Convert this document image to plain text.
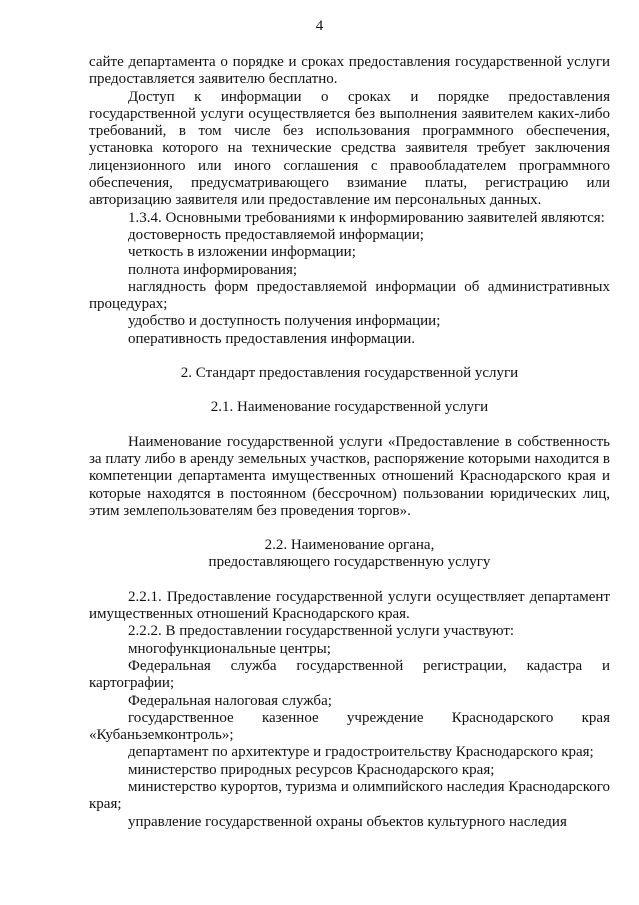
4

сайте департамента о порядке и сроках предоставления государственной услуги предоставляется заявителю бесплатно.

Доступ к информации о сроках и порядке предоставления государственной услуги осуществляется без выполнения заявителем каких-либо требований, в том числе без использования программного обеспечения, установка которого на технические средства заявителя требует заключения лицензионного или иного соглашения с правообладателем программного обеспечения, предусматривающего взимание платы, регистрацию или авторизацию заявителя или предоставление им персональных данных.

1.3.4. Основными требованиями к информированию заявителей являются:

достоверность предоставляемой информации;

четкость в изложении информации;

полнота информирования;

наглядность форм предоставляемой информации об административных процедурах;

удобство и доступность получения информации;

оперативность предоставления информации.

2. Стандарт предоставления государственной услуги

2.1. Наименование государственной услуги

Наименование государственной услуги «Предоставление в собственность за плату либо в аренду земельных участков, распоряжение которыми находится в компетенции департамента имущественных отношений Краснодарского края и которые находятся в постоянном (бессрочном) пользовании юридических лиц, этим землепользователям без проведения торгов».

2.2. Наименование органа,

предоставляющего государственную услугу

2.2.1. Предоставление государственной услуги осуществляет департамент имущественных отношений Краснодарского края.

2.2.2. В предоставлении государственной услуги участвуют:

многофункциональные центры;

Федеральная служба государственной регистрации, кадастра и картографии;

Федеральная налоговая служба;

государственное казенное учреждение Краснодарского края «Кубаньземконтроль»;

департамент по архитектуре и градостроительству Краснодарского края;

министерство природных ресурсов Краснодарского края;

министерство курортов, туризма и олимпийского наследия Краснодарского края;

управление государственной охраны объектов культурного наследия
